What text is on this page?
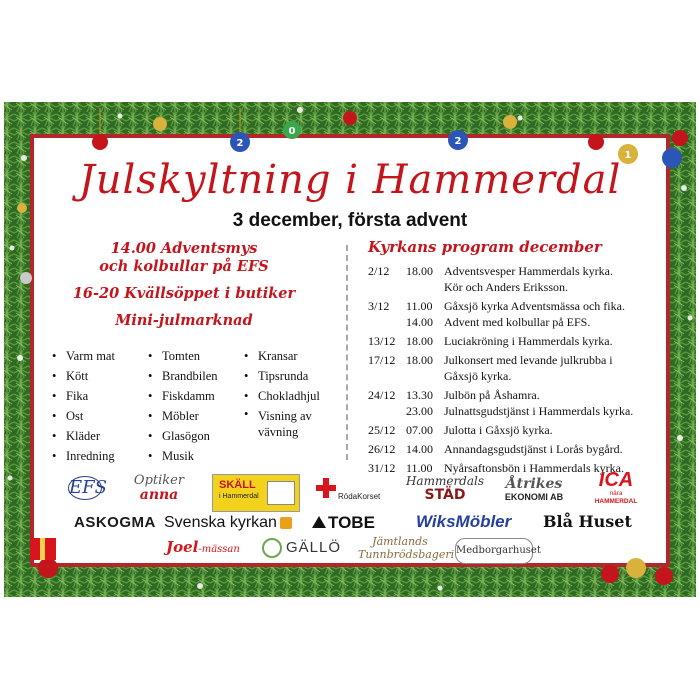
2
0
2
1
Julskyltning i Hammerdal
3 december, första advent
14.00 Adventsmys
och kolbullar på EFS
16-20 Kvällsöppet i butiker
Mini-julmarknad
• Varm mat
• Kött
• Fika
• Ost
• Kläder
• Inredning
• Tomten
• Brandbilen
• Fiskdamm
• Möbler
• Glasögon
• Musik
• Kransar
• Tipsrunda
• Chokladhjul
• Visning av vävning
Kyrkans program december
2/12	18.00	Adventsvesper Hammerdals kyrka.
		Kör och Anders Eriksson.
3/12	11.00	Gåxsjö kyrka Adventsmässa och fika.
	14.00	Advent med kolbullar på EFS.
13/12	18.00	Luciakröning i Hammerdals kyrka.
17/12	18.00	Julkonsert med levande julkrubba i
		Gåxsjö kyrka.
24/12	13.30	Julbön på Åshamra.
	23.00	Julnattsgudstjänst i Hammerdals kyrka.
25/12	07.00	Julotta i Gåxsjö kyrka.
26/12	14.00	Annandagsgudstjänst i Lorås bygård.
31/12	11.00	Nyårsaftonsbön i Hammerdals kyrka.
EFS	Optiker
anna
SKÄLL
i Hammerdal	RödaKorset
Hammerdals
STÄD
Åtrikes
EKONOMI AB
ICA
nära
HAMMERDAL
ASKOGMA Svenska kyrkan	TOBE WiksMöbler Blå Huset
Joel-mässan	GÄLLÖ	Jämtlands
Tunnbrödsbageri Medborgarhuset
